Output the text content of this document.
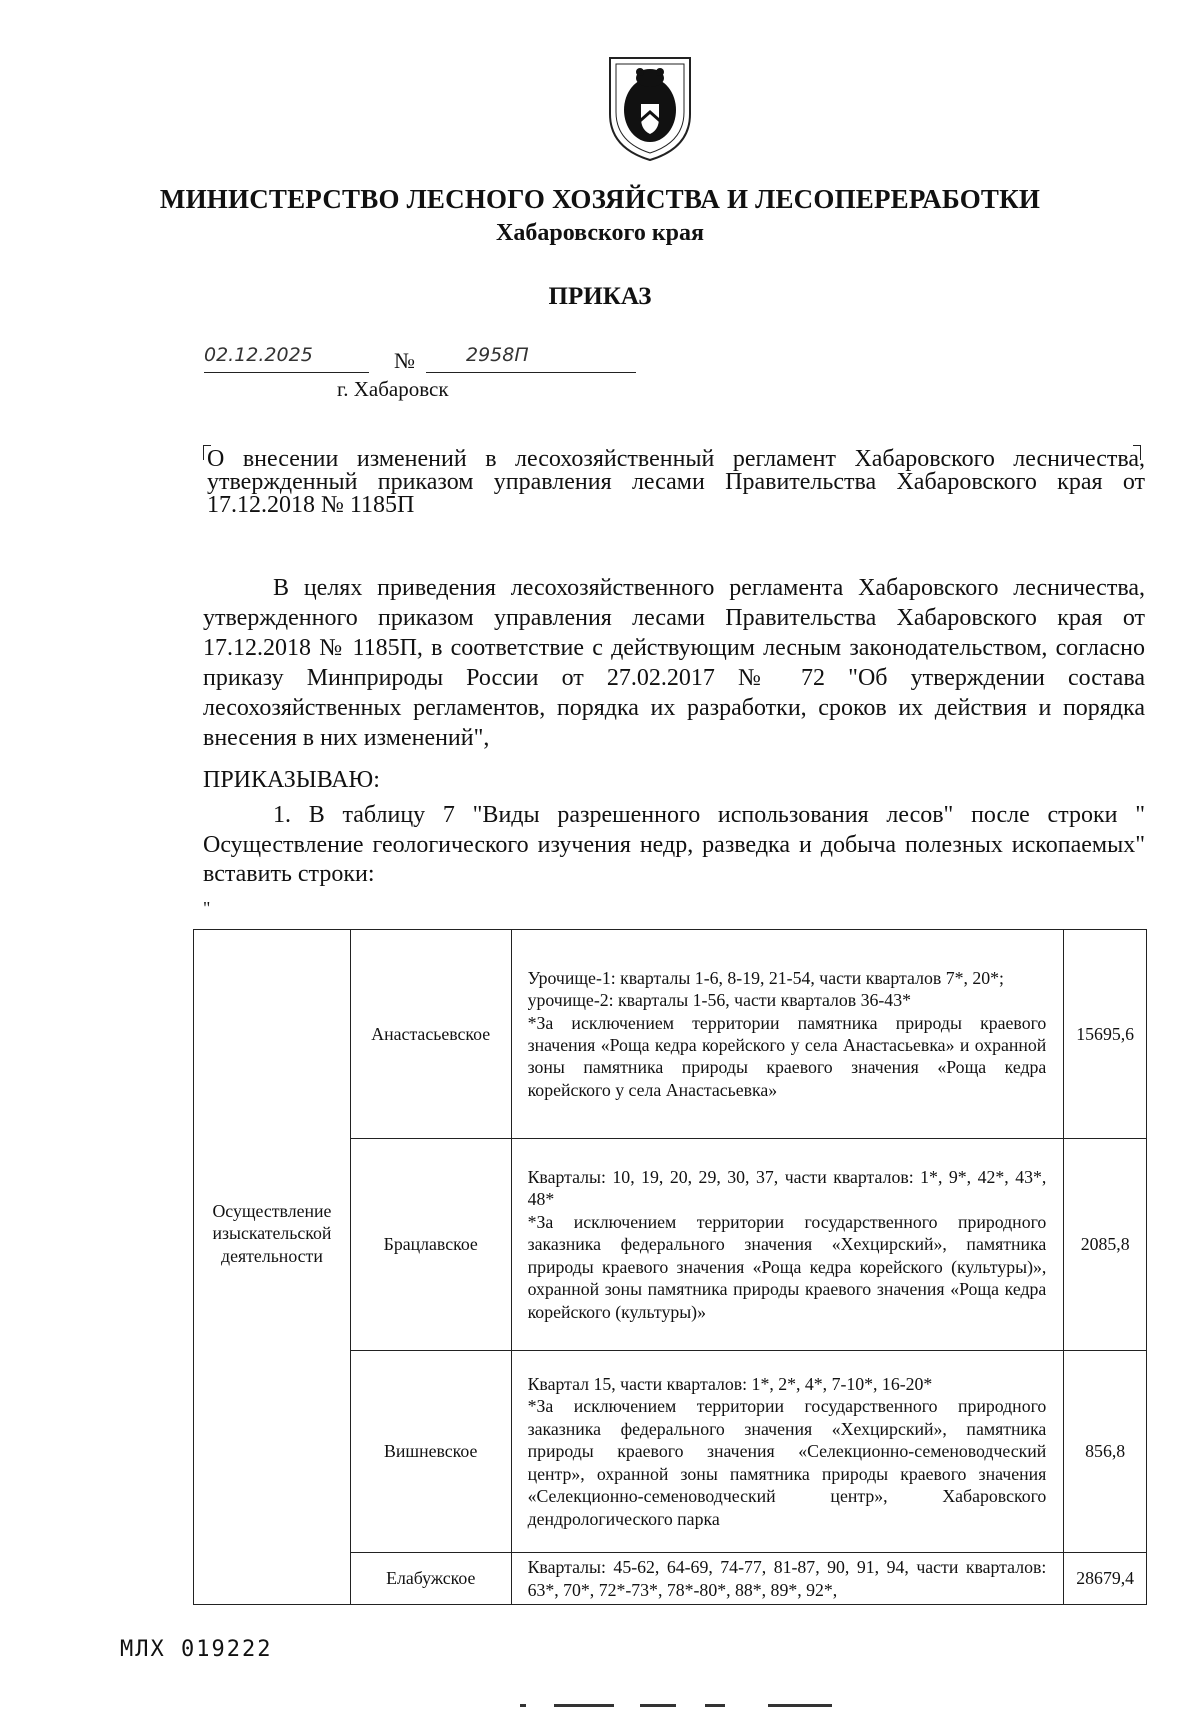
МИНИСТЕРСТВО ЛЕСНОГО ХОЗЯЙСТВА И ЛЕСОПЕРЕРАБОТКИ
Хабаровского края
ПРИКАЗ
02.12.2025	№	2958П
г. Хабаровск
О внесении изменений в лесохозяйственный регламент Хабаровского лесничества, утвержденный приказом управления лесами Правительства Хабаровского края от 17.12.2018 № 1185П
В целях приведения лесохозяйственного регламента Хабаровского лесничества, утвержденного приказом управления лесами Правительства Хабаровского края от 17.12.2018 № 1185П, в соответствие с действующим лесным законодательством, согласно приказу Минприроды России от 27.02.2017 № 72 "Об утверждении состава лесохозяйственных регламентов, порядка их разработки, сроков их действия и порядка внесения в них изменений",
ПРИКАЗЫВАЮ:
1. В таблицу 7 "Виды разрешенного использования лесов" после строки " Осуществление геологического изучения недр, разведка и добыча полезных ископаемых" вставить строки:
"
Осуществление изыскательской деятельности	Анастасьевское	Урочище-1: кварталы 1-6, 8-19, 21-54, части кварталов 7*, 20*;

урочище-2: кварталы 1-56, части кварталов 36-43*

*За исключением территории памятника природы краевого значения «Роща кедра корейского у села Анастасьевка» и охранной зоны памятника природы краевого значения «Роща кедра корейского у села Анастасьевка»	15695,6
	Брацлавское	Кварталы: 10, 19, 20, 29, 30, 37, части кварталов: 1*, 9*, 42*, 43*, 48*

*За исключением территории государственного природного заказника федерального значения «Хехцирский», памятника природы краевого значения «Роща кедра корейского (культуры)», охранной зоны памятника природы краевого значения «Роща кедра корейского (культуры)»	2085,8
	Вишневское	Квартал 15, части кварталов: 1*, 2*, 4*, 7-10*, 16-20*

*За исключением территории государственного природного заказника федерального значения «Хехцирский», памятника природы краевого значения «Селекционно-семеноводческий центр», охранной зоны памятника природы краевого значения «Селекционно-семеноводческий центр», Хабаровского дендрологического парка	856,8
	Елабужское	Кварталы: 45-62, 64-69, 74-77, 81-87, 90, 91, 94, части кварталов: 63*, 70*, 72*-73*, 78*-80*, 88*, 89*, 92*,	28679,4
МЛХ 019222
